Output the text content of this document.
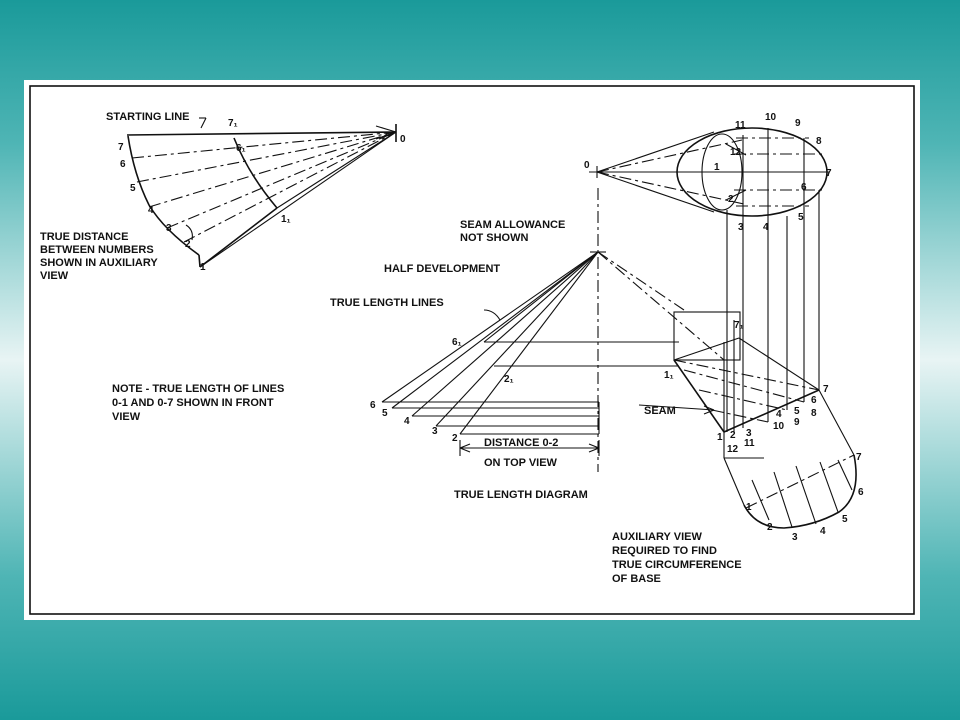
STARTING LINE
7₁
7	6₁
6
5
4
3
2
1
1₁
0
TRUE DISTANCE
BETWEEN NUMBERS
SHOWN IN AUXILIARY
VIEW
0
11
10
9
8
7
6
5
4
3
12
1
2
SEAM ALLOWANCE
NOT SHOWN
HALF DEVELOPMENT
TRUE LENGTH LINES
6₁
6
5
4
3
2
2₁
DISTANCE 0-2
ON TOP VIEW
TRUE LENGTH DIAGRAM
NOTE - TRUE LENGTH OF LINES
0-1 AND 0-7 SHOWN IN FRONT
VIEW
7₁
1₁
7
6
8
5
9
4
10
3
11
2
12
1
SEAM
7
6
5
4
3
2
1
AUXILIARY VIEW
REQUIRED TO FIND
TRUE CIRCUMFERENCE
OF BASE
